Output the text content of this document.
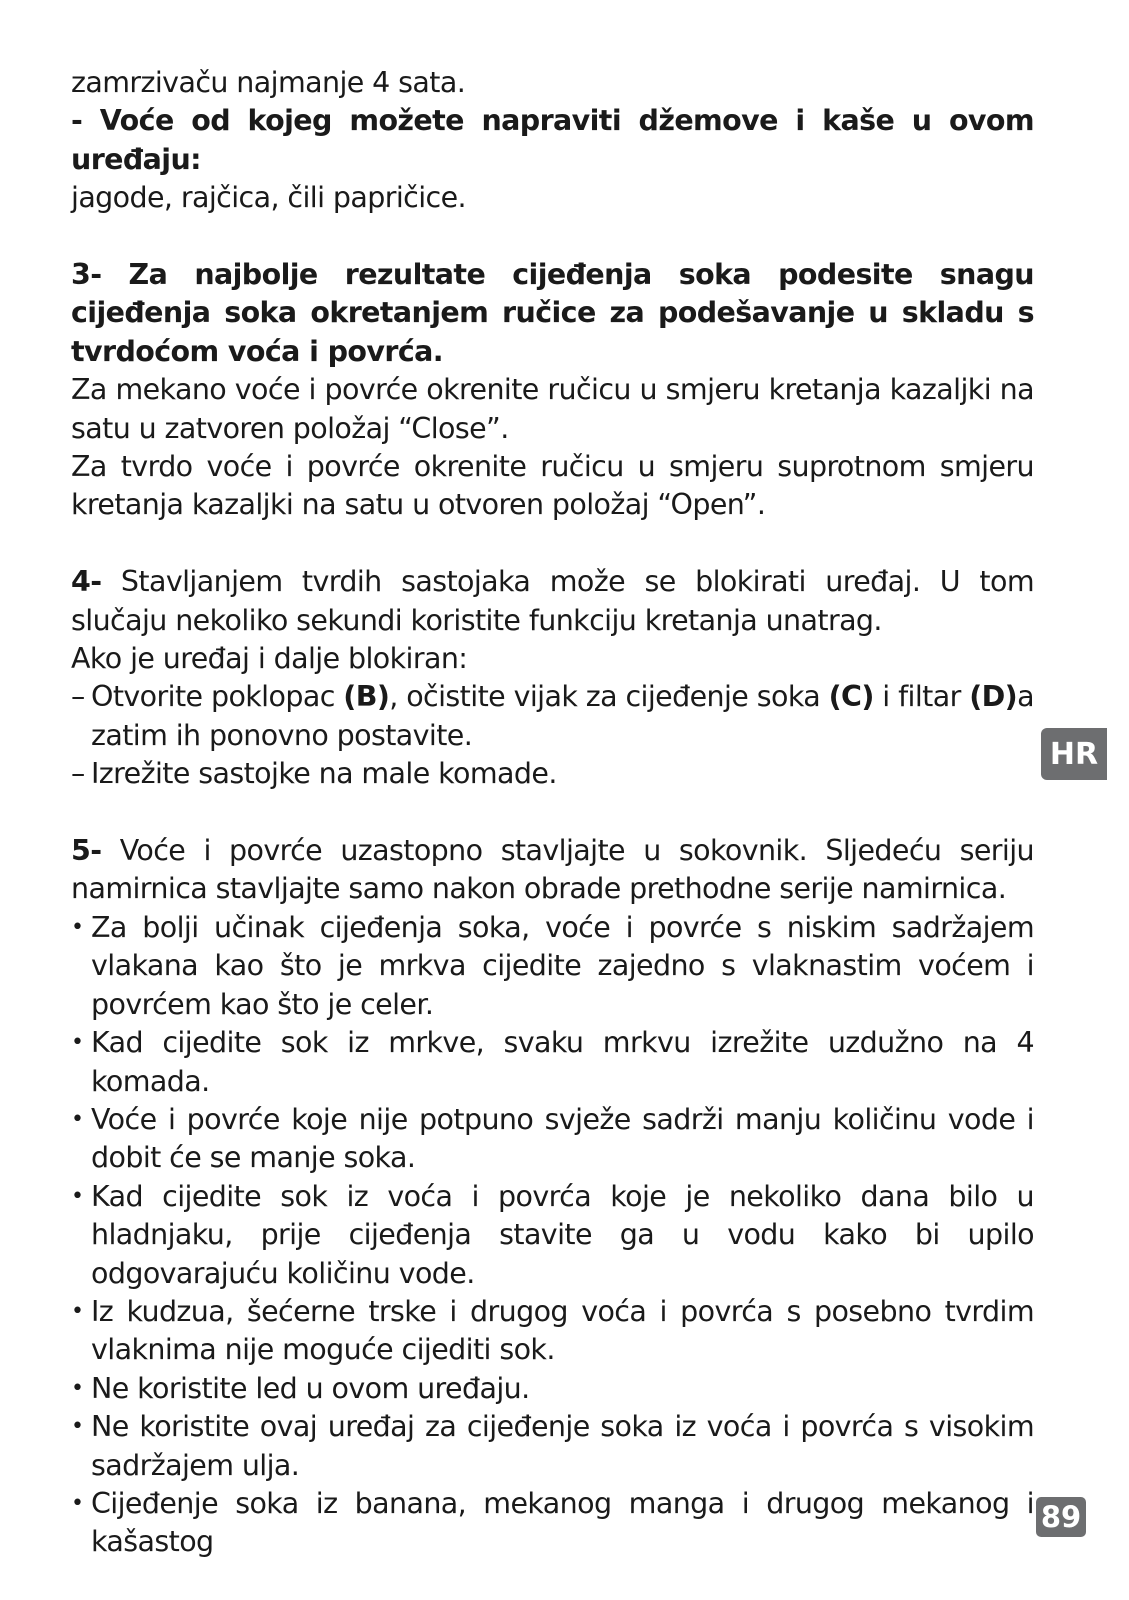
zamrzivaču najmanje 4 sata.

- Voće od kojeg možete napraviti džemove i kaše u ovom uređaju:

jagode, rajčica, čili papričice.

3- Za najbolje rezultate cijeđenja soka podesite snagu cijeđenja soka okretanjem ručice za podešavanje u skladu s tvrdoćom voća i povrća.

Za mekano voće i povrće okrenite ručicu u smjeru kretanja kazaljki na satu u zatvoren položaj “Close”.

Za tvrdo voće i povrće okrenite ručicu u smjeru suprotnom smjeru kretanja kazaljki na satu u otvoren položaj “Open”.

4- Stavljanjem tvrdih sastojaka može se blokirati uređaj. U tom slučaju nekoliko sekundi koristite funkciju kretanja unatrag.

Ako je uređaj i dalje blokiran:

– Otvorite poklopac (B), očistite vijak za cijeđenje soka (C) i filtar (D)a zatim ih ponovno postavite.
– Izrežite sastojke na male komade.

5- Voće i povrće uzastopno stavljajte u sokovnik. Sljedeću seriju namirnica stavljajte samo nakon obrade prethodne serije namirnica.

• Za bolji učinak cijeđenja soka, voće i povrće s niskim sadržajem vlakana kao što je mrkva cijedite zajedno s vlaknastim voćem i povrćem kao što je celer.
• Kad cijedite sok iz mrkve, svaku mrkvu izrežite uzdužno na 4 komada.
• Voće i povrće koje nije potpuno svježe sadrži manju količinu vode i dobit će se manje soka.
• Kad cijedite sok iz voća i povrća koje je nekoliko dana bilo u hladnjaku, prije cijeđenja stavite ga u vodu kako bi upilo odgovarajuću količinu vode.
• Iz kudzua, šećerne trske i drugog voća i povrća s posebno tvrdim vlaknima nije moguće cijediti sok.
• Ne koristite led u ovom uređaju.
• Ne koristite ovaj uređaj za cijeđenje soka iz voća i povrća s visokim sadržajem ulja.
• Cijeđenje soka iz banana, mekanog manga i drugog mekanog i kašastog
HR
89
